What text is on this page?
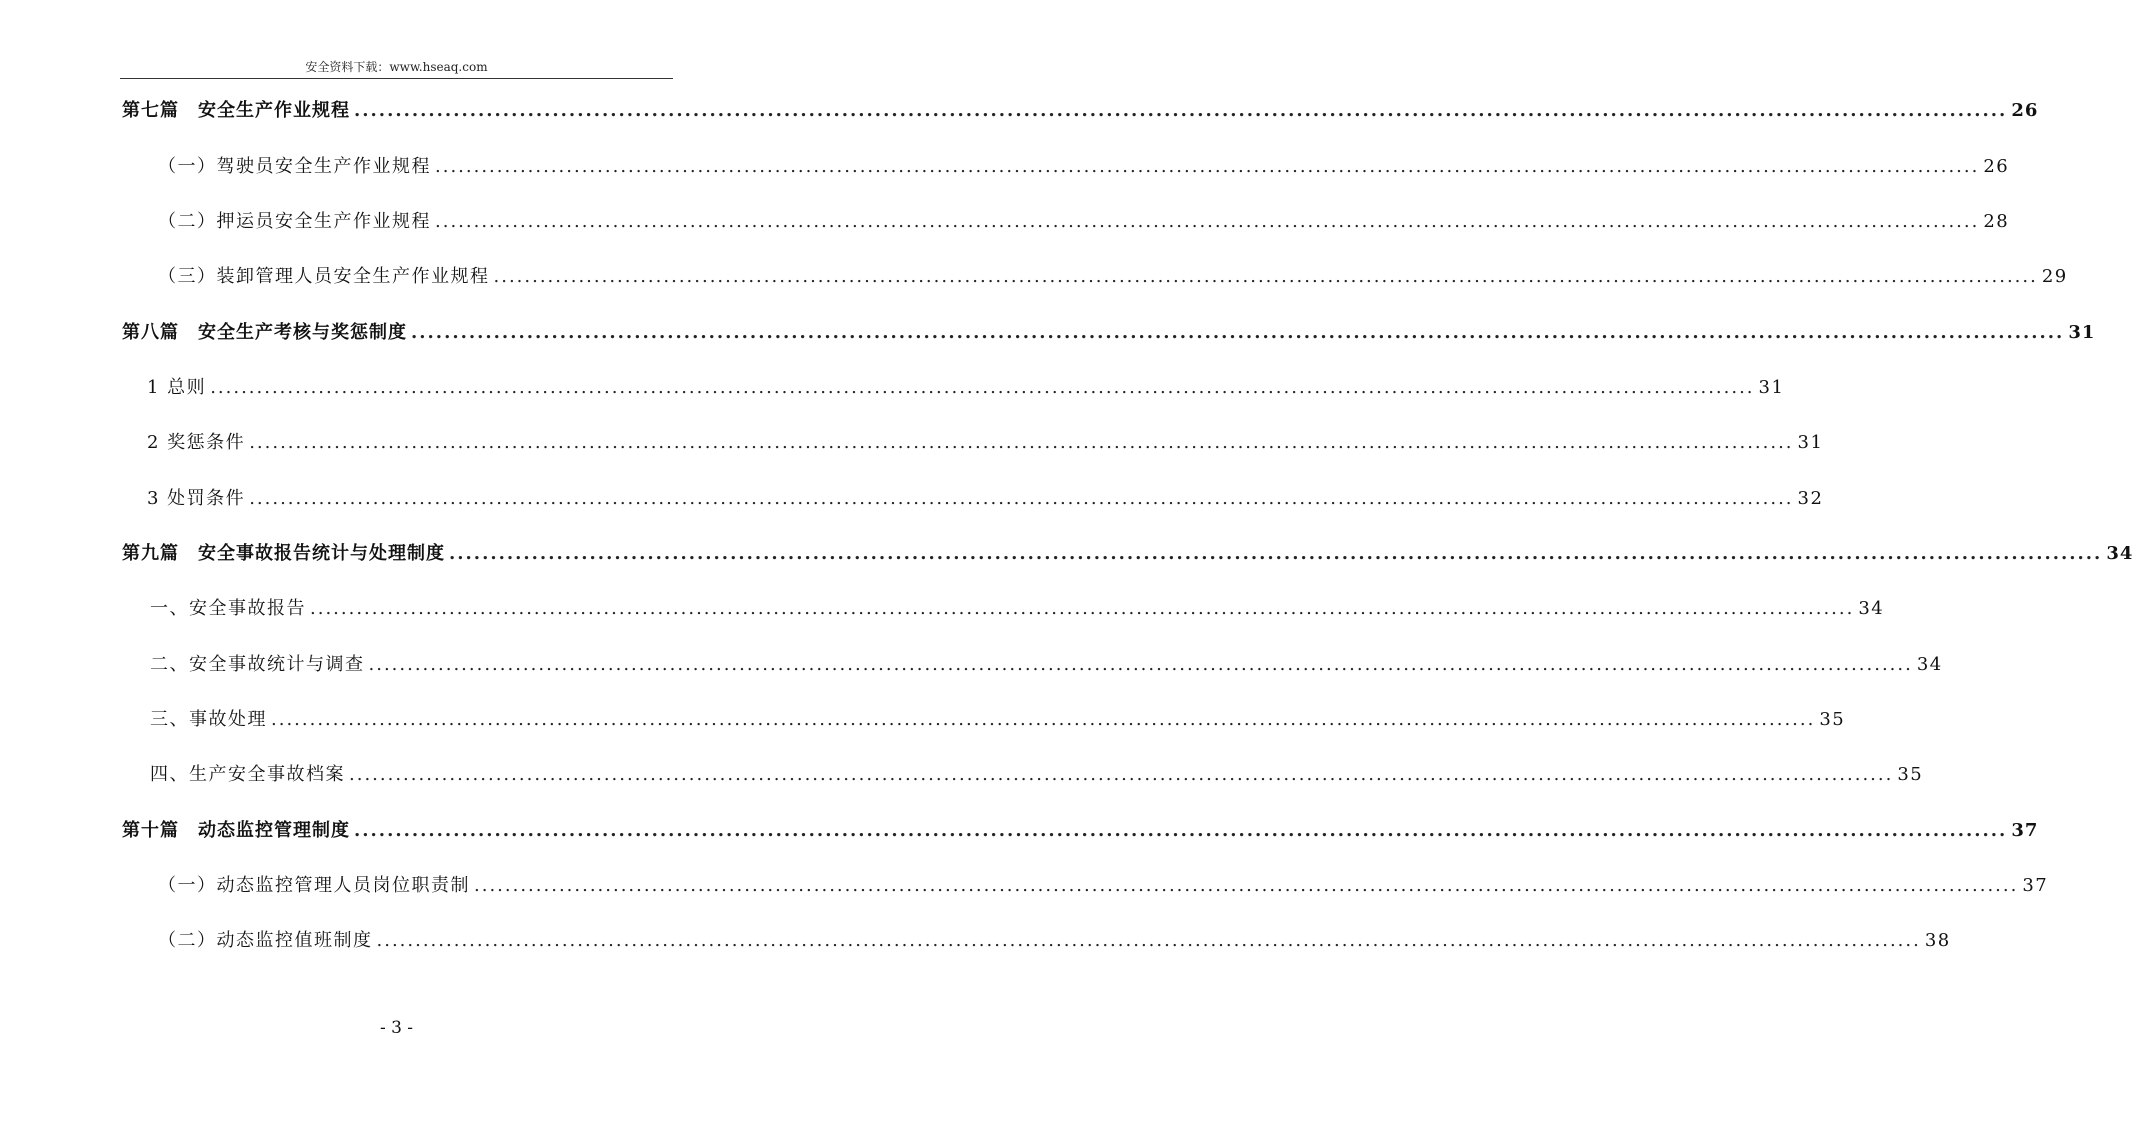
安全资料下载：www.hseaq.com
第七篇　安全生产作业规程 ........................................................................................................................................................................................................ 26
（一）驾驶员安全生产作业规程 ........................................................................................................................................................................................................ 26
（二）押运员安全生产作业规程 ........................................................................................................................................................................................................ 28
（三）装卸管理人员安全生产作业规程 ........................................................................................................................................................................................................ 29
第八篇　安全生产考核与奖惩制度 ........................................................................................................................................................................................................ 31
1 总则 ........................................................................................................................................................................................................ 31
2 奖惩条件 ........................................................................................................................................................................................................ 31
3 处罚条件 ........................................................................................................................................................................................................ 32
第九篇　安全事故报告统计与处理制度 ........................................................................................................................................................................................................ 34
一、安全事故报告 ........................................................................................................................................................................................................ 34
二、安全事故统计与调查 ........................................................................................................................................................................................................ 34
三、事故处理 ........................................................................................................................................................................................................ 35
四、生产安全事故档案 ........................................................................................................................................................................................................ 35
第十篇　动态监控管理制度 ........................................................................................................................................................................................................ 37
（一）动态监控管理人员岗位职责制 ........................................................................................................................................................................................................ 37
（二）动态监控值班制度 ........................................................................................................................................................................................................ 38
- 3 -
